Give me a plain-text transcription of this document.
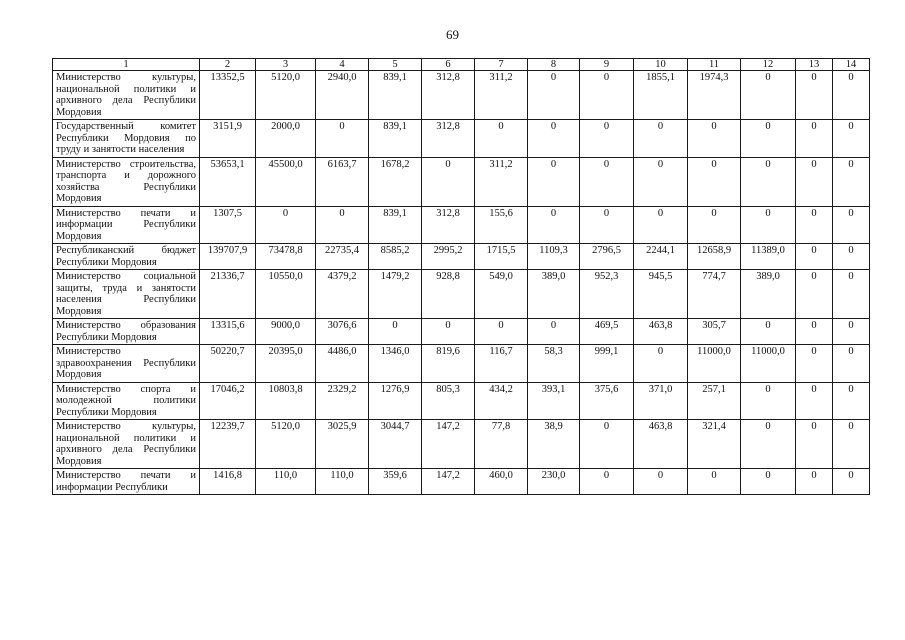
69
1	2	3	4	5	6	7	8	9	10	11	12	13	14
Министерство культуры, национальной политики и архивного дела Республики Мордовия	13352,5	5120,0	2940,0	839,1	312,8	311,2	0	0	1855,1	1974,3	0	0	0
Государственный комитет Республики Мордовия по труду и занятости населения	3151,9	2000,0	0	839,1	312,8	0	0	0	0	0	0	0	0
Министерство строительства, транспорта и дорожного хозяйства Республики Мордовия	53653,1	45500,0	6163,7	1678,2	0	311,2	0	0	0	0	0	0	0
Министерство печати и информации Республики Мордовия	1307,5	0	0	839,1	312,8	155,6	0	0	0	0	0	0	0
Республиканский бюджет Республики Мордовия	139707,9	73478,8	22735,4	8585,2	2995,2	1715,5	1109,3	2796,5	2244,1	12658,9	11389,0	0	0
Министерство социальной защиты, труда и занятости населения Республики Мордовия	21336,7	10550,0	4379,2	1479,2	928,8	549,0	389,0	952,3	945,5	774,7	389,0	0	0
Министерство образования Республики Мордовия	13315,6	9000,0	3076,6	0	0	0	0	469,5	463,8	305,7	0	0	0
Министерство здравоохранения Республики Мордовия	50220,7	20395,0	4486,0	1346,0	819,6	116,7	58,3	999,1	0	11000,0	11000,0	0	0
Министерство спорта и молодежной политики Республики Мордовия	17046,2	10803,8	2329,2	1276,9	805,3	434,2	393,1	375,6	371,0	257,1	0	0	0
Министерство культуры, национальной политики и архивного дела Республики Мордовия	12239,7	5120,0	3025,9	3044,7	147,2	77,8	38,9	0	463,8	321,4	0	0	0
Министерство печати и информации Республики	1416,8	110,0	110,0	359,6	147,2	460,0	230,0	0	0	0	0	0	0
